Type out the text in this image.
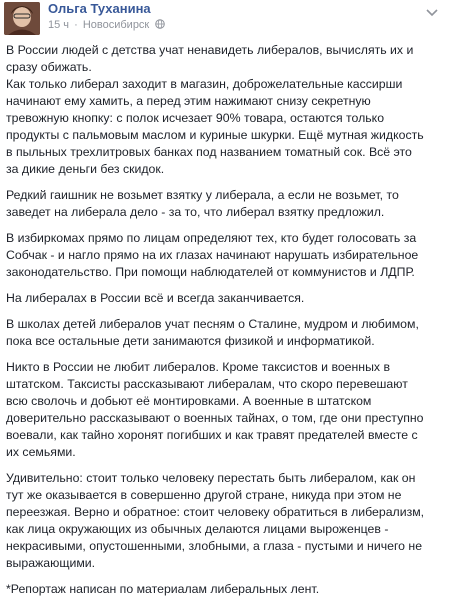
Ольга Туханина
15 ч · Новосибирск

В России людей с детства учат ненавидеть либералов, вычислять их и
сразу обижать.
Как только либерал заходит в магазин, доброжелательные кассирши
начинают ему хамить, а перед этим нажимают снизу секретную
тревожную кнопку: с полок исчезает 90% товара, остаются только
продукты с пальмовым маслом и куриные шкурки. Ещё мутная жидкость
в пыльных трехлитровых банках под названием томатный сок. Всё это
за дикие деньги без скидок.

Редкий гаишник не возьмет взятку у либерала, а если не возьмет, то
заведет на либерала дело - за то, что либерал взятку предложил.

В избиркомах прямо по лицам определяют тех, кто будет голосовать за
Собчак - и нагло прямо на их глазах начинают нарушать избирательное
законодательство. При помощи наблюдателей от коммунистов и ЛДПР.

На либералах в России всё и всегда заканчивается.

В школах детей либералов учат песням о Сталине, мудром и любимом,
пока все остальные дети занимаются физикой и информатикой.

Никто в России не любит либералов. Кроме таксистов и военных в
штатском. Таксисты рассказывают либералам, что скоро перевешают
всю сволочь и добьют её монтировками. А военные в штатском
доверительно рассказывают о военных тайнах, о том, где они преступно
воевали, как тайно хоронят погибших и как травят предателей вместе с
их семьями.

Удивительно: стоит только человеку перестать быть либералом, как он
тут же оказывается в совершенно другой стране, никуда при этом не
переезжая. Верно и обратное: стоит человеку обратиться в либерализм,
как лица окружающих из обычных делаются лицами выроженцев -
некрасивыми, опустошенными, злобными, а глаза - пустыми и ничего не
выражающими.

*Репортаж написан по материалам либеральных лент.
